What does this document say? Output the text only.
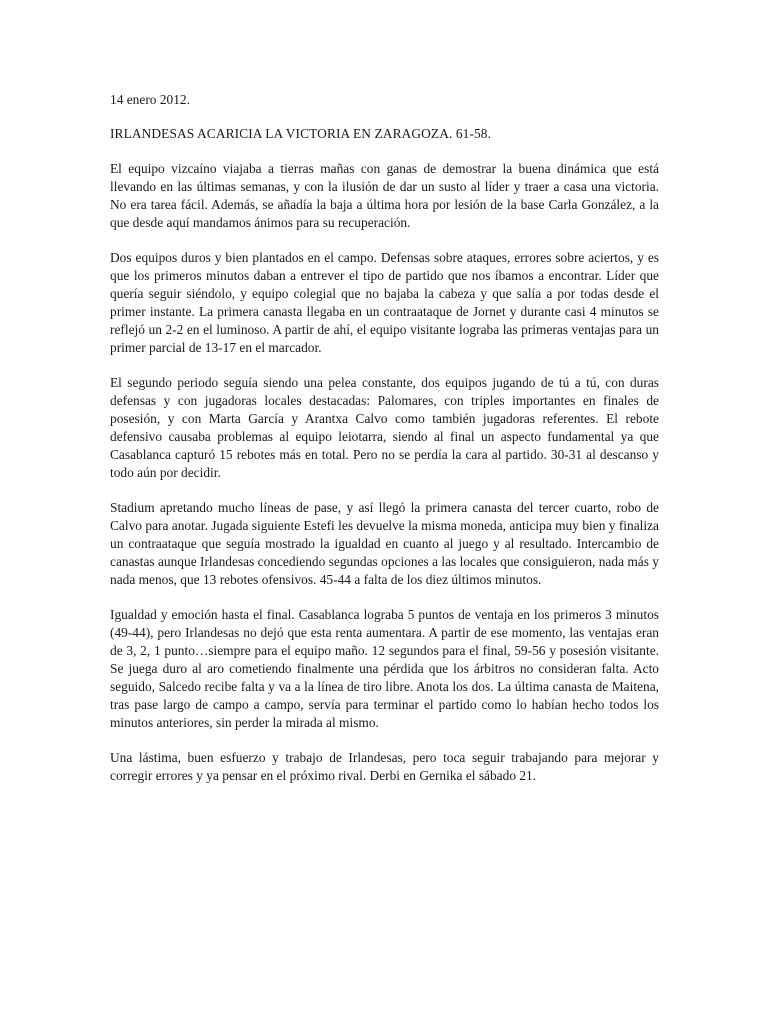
14 enero 2012.

IRLANDESAS ACARICIA LA VICTORIA EN ZARAGOZA. 61-58.

El equipo vizcaíno viajaba a tierras mañas con ganas de demostrar la buena dinámica que está llevando en las últimas semanas, y con la ilusión de dar un susto al líder y traer a casa una victoria. No era tarea fácil. Además, se añadía la baja a última hora por lesión de la base Carla González, a la que desde aquí mandamos ánimos para su recuperación.

Dos equipos duros y bien plantados en el campo. Defensas sobre ataques, errores sobre aciertos, y es que los primeros minutos daban a entrever el tipo de partido que nos íbamos a encontrar. Líder que quería seguir siéndolo, y equipo colegial que no bajaba la cabeza y que salía a por todas desde el primer instante. La primera canasta llegaba en un contraataque de Jornet y durante casi 4 minutos se reflejó un 2-2 en el luminoso. A partir de ahí, el equipo visitante lograba las primeras ventajas para un primer parcial de 13-17 en el marcador.

El segundo periodo seguía siendo una pelea constante, dos equipos jugando de tú a tú, con duras defensas y con jugadoras locales destacadas: Palomares, con triples importantes en finales de posesión, y con Marta García y Arantxa Calvo como también jugadoras referentes. El rebote defensivo causaba problemas al equipo leiotarra, siendo al final un aspecto fundamental ya que Casablanca capturó 15 rebotes más en total. Pero no se perdía la cara al partido. 30-31 al descanso y todo aún por decidir.

Stadium apretando mucho líneas de pase, y así llegó la primera canasta del tercer cuarto, robo de Calvo para anotar. Jugada siguiente Estefi les devuelve la misma moneda, anticipa muy bien y finaliza un contraataque que seguía mostrado la igualdad en cuanto al juego y al resultado. Intercambio de canastas aunque Irlandesas concediendo segundas opciones a las locales que consiguieron, nada más y nada menos, que 13 rebotes ofensivos. 45-44 a falta de los diez últimos minutos.

Igualdad y emoción hasta el final. Casablanca lograba 5 puntos de ventaja en los primeros 3 minutos (49-44), pero Irlandesas no dejó que esta renta aumentara. A partir de ese momento, las ventajas eran de 3, 2, 1 punto…siempre para el equipo maño. 12 segundos para el final, 59-56 y posesión visitante. Se juega duro al aro cometiendo finalmente una pérdida que los árbitros no consideran falta. Acto seguido, Salcedo recibe falta y va a la línea de tiro libre. Anota los dos. La última canasta de Maitena, tras pase largo de campo a campo, servía para terminar el partido como lo habían hecho todos los minutos anteriores, sin perder la mirada al mismo.

Una lástima, buen esfuerzo y trabajo de Irlandesas, pero toca seguir trabajando para mejorar y corregir errores y ya pensar en el próximo rival. Derbi en Gernika el sábado 21.
